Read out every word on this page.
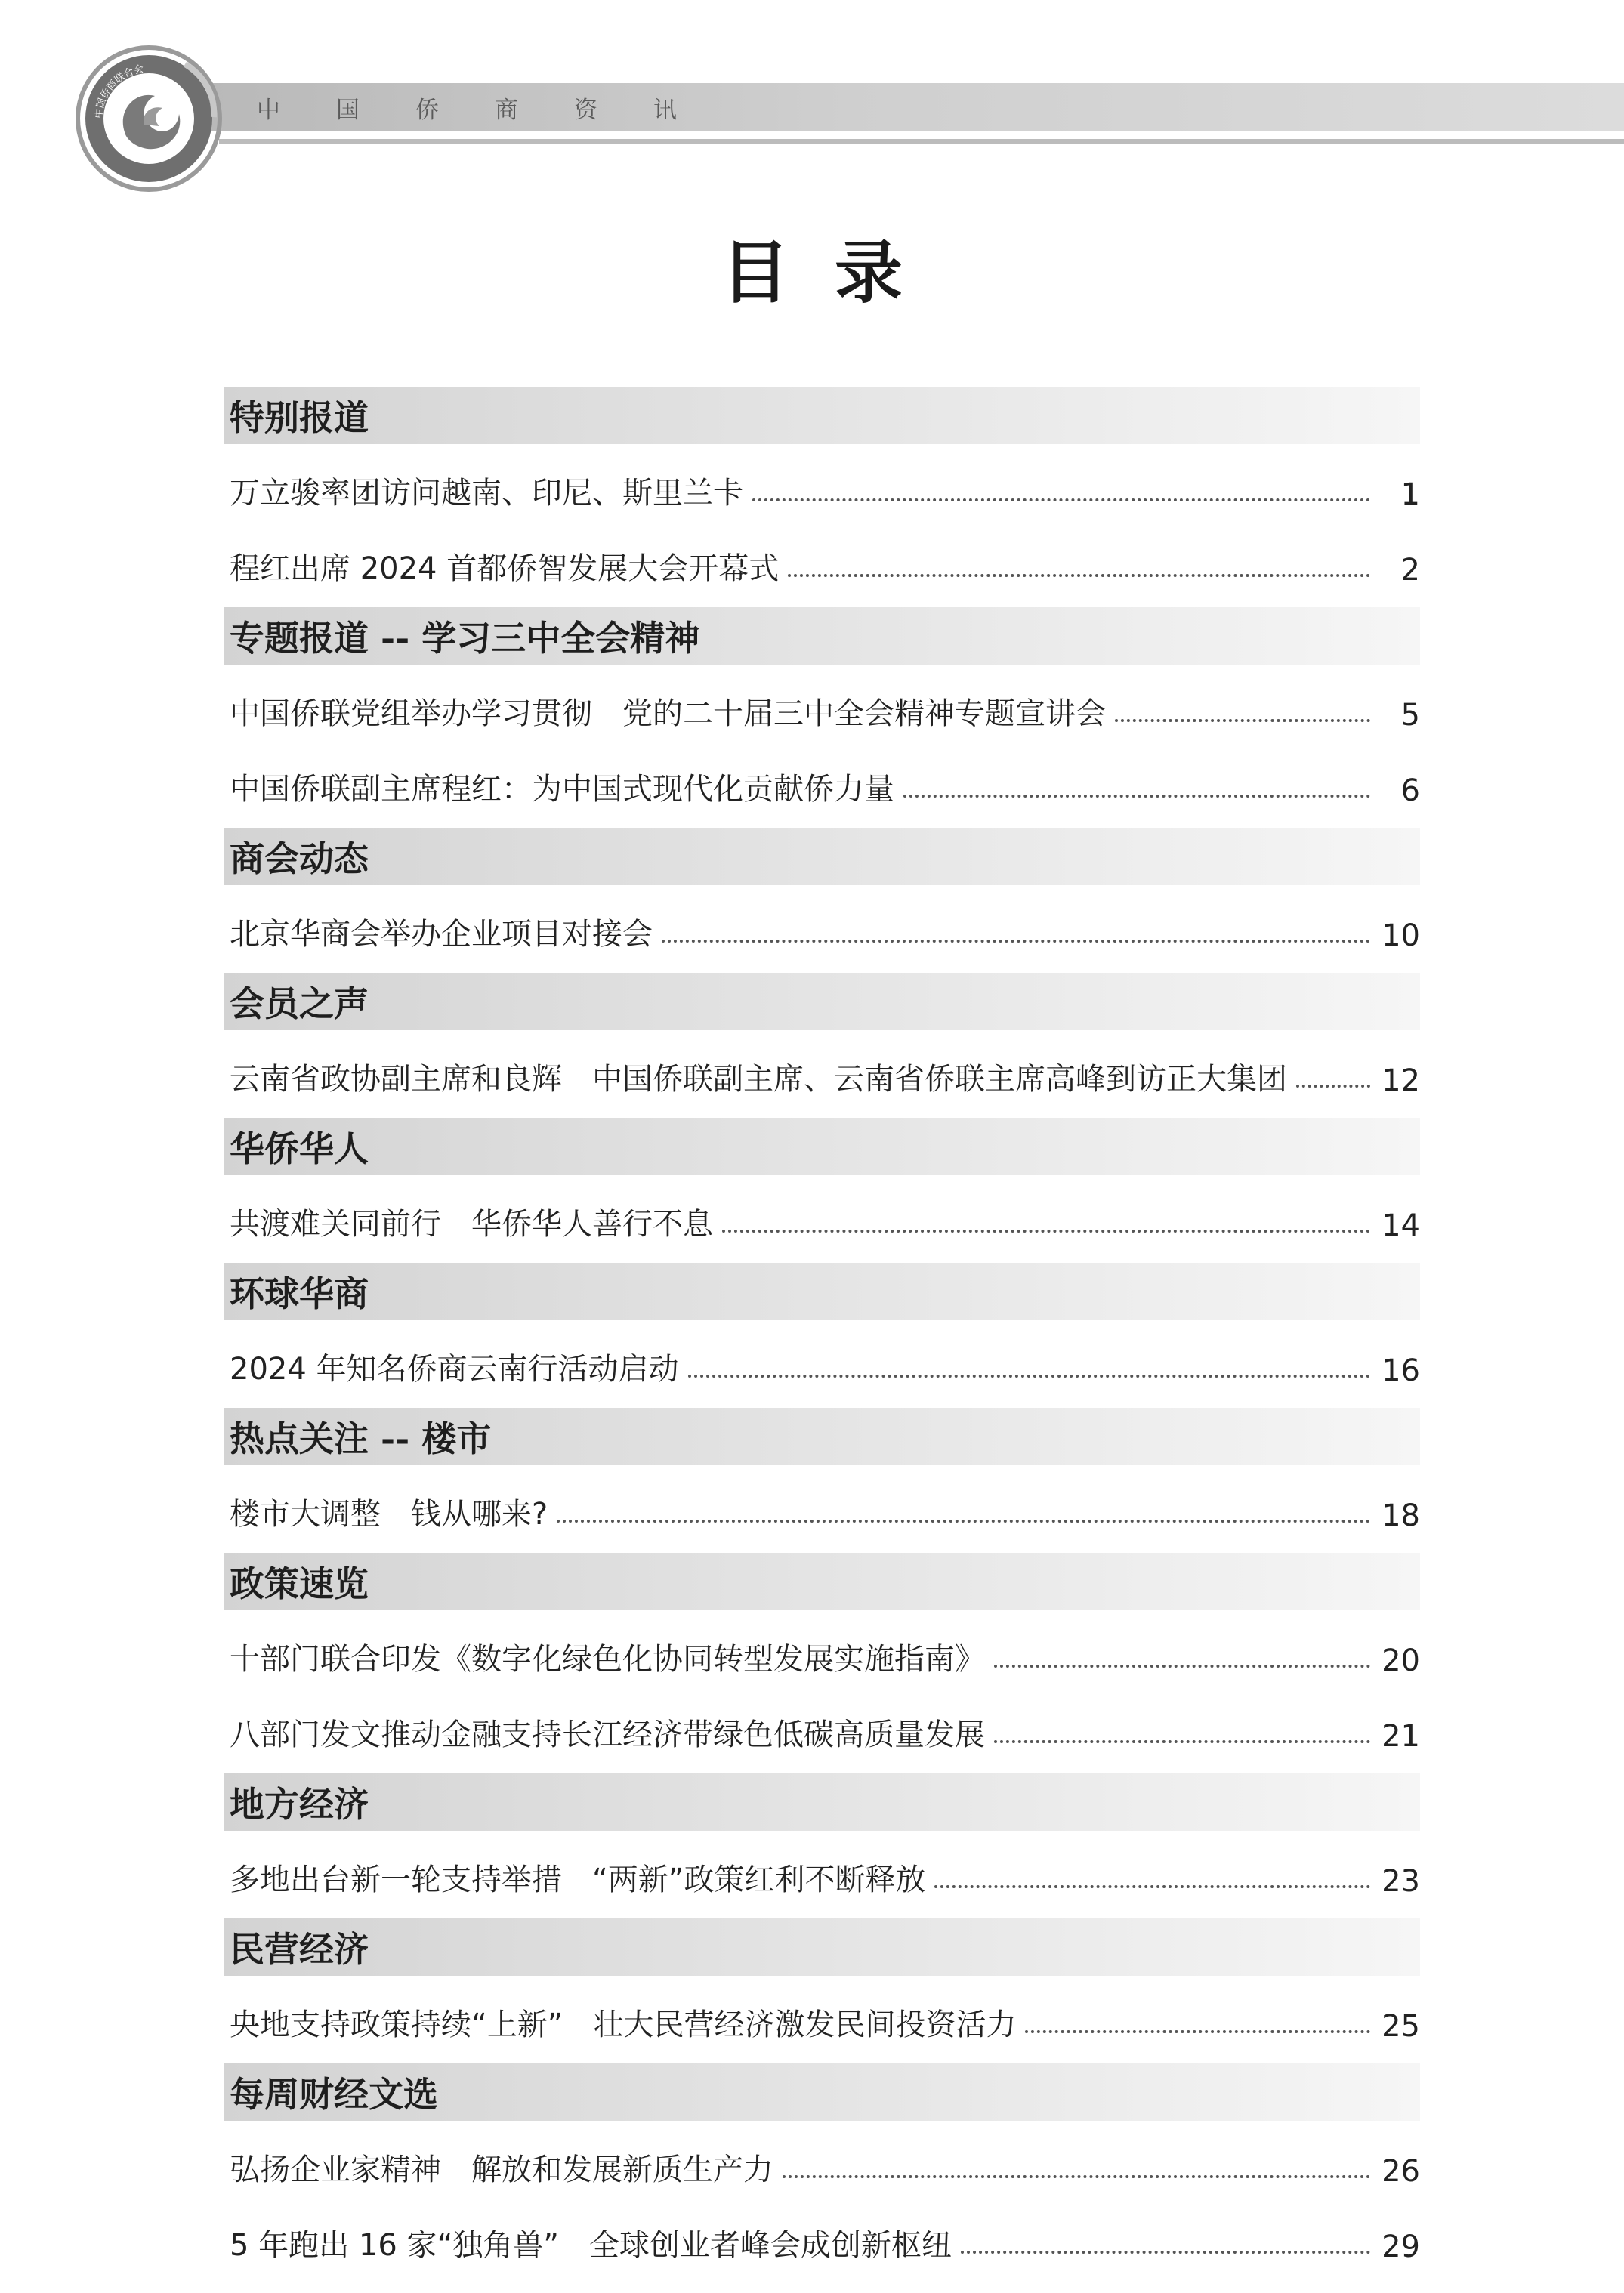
中国侨商资讯
中国侨商联合会
目录
特别报道
万立骏率团访问越南、印尼、斯里兰卡	1
程红出席 2024 首都侨智发展大会开幕式	2
专题报道 -- 学习三中全会精神
中国侨联党组举办学习贯彻　党的二十届三中全会精神专题宣讲会	5
中国侨联副主席程红：为中国式现代化贡献侨力量	6
商会动态
北京华商会举办企业项目对接会	10
会员之声
云南省政协副主席和良辉　中国侨联副主席、云南省侨联主席高峰到访正大集团	12
华侨华人
共渡难关同前行　华侨华人善行不息	14
环球华商
2024 年知名侨商云南行活动启动	16
热点关注 -- 楼市
楼市大调整　钱从哪来?	18
政策速览
十部门联合印发《数字化绿色化协同转型发展实施指南》	20
八部门发文推动金融支持长江经济带绿色低碳高质量发展	21
地方经济
多地出台新一轮支持举措　“两新”政策红利不断释放	23
民营经济
央地支持政策持续“上新”　壮大民营经济激发民间投资活力	25
每周财经文选
弘扬企业家精神　解放和发展新质生产力	26
5 年跑出 16 家“独角兽”　全球创业者峰会成创新枢纽	29
